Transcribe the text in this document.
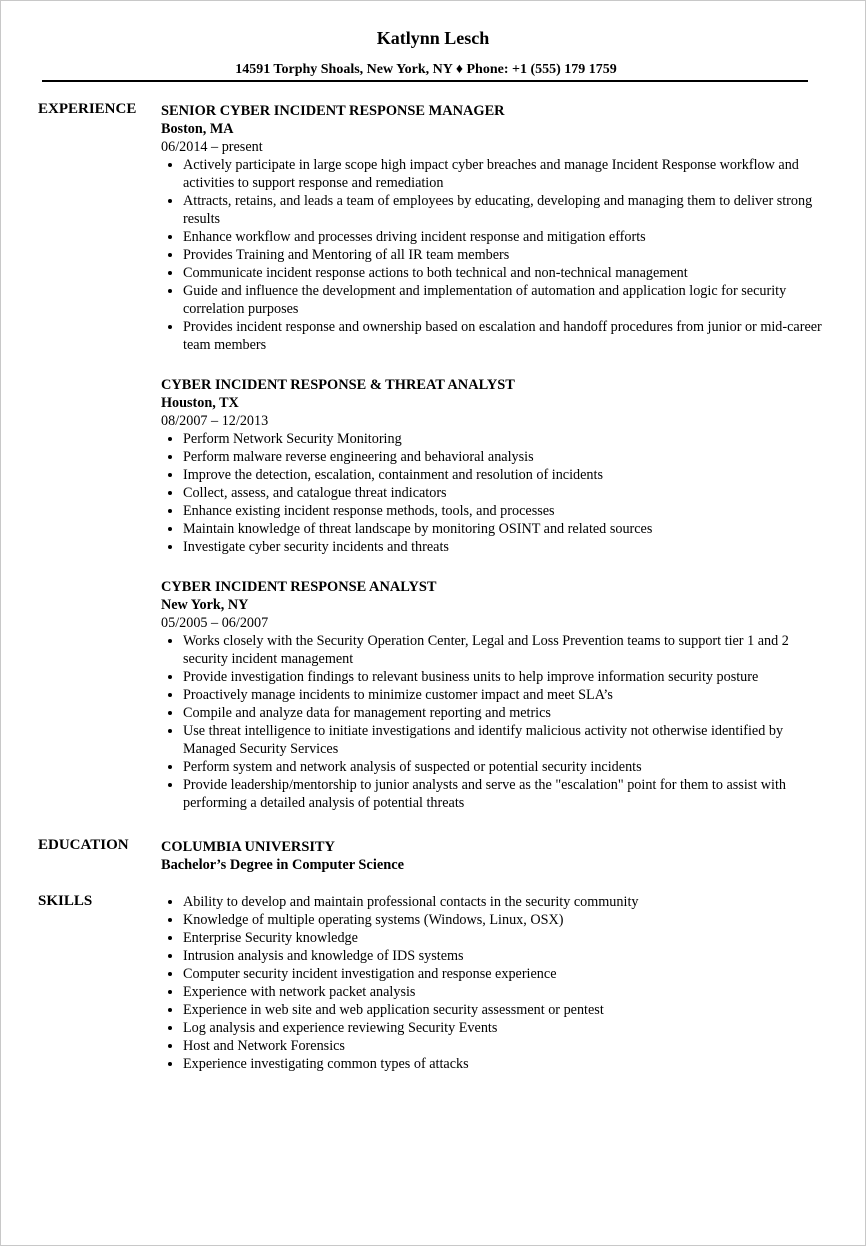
Katlynn Lesch
14591 Torphy Shoals, New York, NY ♦ Phone: +1 (555) 179 1759
EXPERIENCE SENIOR CYBER INCIDENT RESPONSE MANAGER
Boston, MA
06/2014 – present
• Actively participate in large scope high impact cyber breaches and manage Incident Response workflow and activities to support response and remediation
• Attracts, retains, and leads a team of employees by educating, developing and managing them to deliver strong results
• Enhance workflow and processes driving incident response and mitigation efforts
• Provides Training and Mentoring of all IR team members
• Communicate incident response actions to both technical and non-technical management
• Guide and influence the development and implementation of automation and application logic for security correlation purposes
• Provides incident response and ownership based on escalation and handoff procedures from junior or mid-career team members
CYBER INCIDENT RESPONSE & THREAT ANALYST
Houston, TX
08/2007 – 12/2013
• Perform Network Security Monitoring
• Perform malware reverse engineering and behavioral analysis
• Improve the detection, escalation, containment and resolution of incidents
• Collect, assess, and catalogue threat indicators
• Enhance existing incident response methods, tools, and processes
• Maintain knowledge of threat landscape by monitoring OSINT and related sources
• Investigate cyber security incidents and threats
CYBER INCIDENT RESPONSE ANALYST
New York, NY
05/2005 – 06/2007
• Works closely with the Security Operation Center, Legal and Loss Prevention teams to support tier 1 and 2 security incident management
• Provide investigation findings to relevant business units to help improve information security posture
• Proactively manage incidents to minimize customer impact and meet SLA’s
• Compile and analyze data for management reporting and metrics
• Use threat intelligence to initiate investigations and identify malicious activity not otherwise identified by Managed Security Services
• Perform system and network analysis of suspected or potential security incidents
• Provide leadership/mentorship to junior analysts and serve as the "escalation" point for them to assist with performing a detailed analysis of potential threats
EDUCATION COLUMBIA UNIVERSITY
Bachelor’s Degree in Computer Science
SKILLS
•	Ability to develop and maintain professional contacts in the security community
• Knowledge of multiple operating systems (Windows, Linux, OSX)
• Enterprise Security knowledge
• Intrusion analysis and knowledge of IDS systems
• Computer security incident investigation and response experience
• Experience with network packet analysis
• Experience in web site and web application security assessment or pentest
• Log analysis and experience reviewing Security Events
• Host and Network Forensics
• Experience investigating common types of attacks
